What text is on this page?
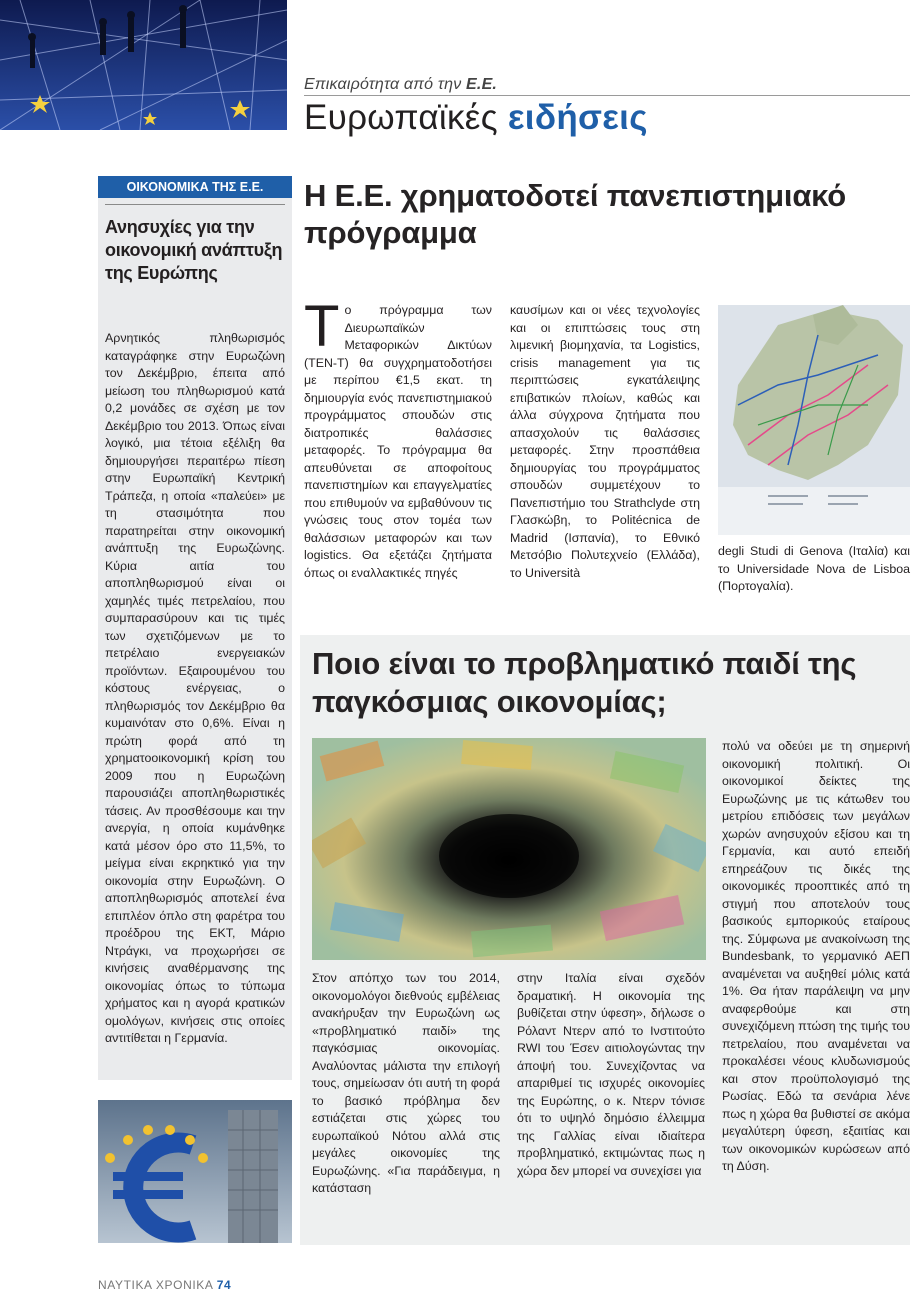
Επικαιρότητα από την Ε.Ε.
Ευρωπαϊκές ειδήσεις
ΟΙΚΟΝΟΜΙΚΑ ΤΗΣ Ε.Ε.
Ανησυχίες για την οικονομική ανάπτυξη της Ευρώπης
Αρνητικός πληθωρισμός καταγράφηκε στην Ευρωζώνη τον Δεκέμβριο, έπειτα από μείωση του πληθωρισμού κατά 0,2 μονάδες σε σχέση με τον Δεκέμβριο του 2013. Όπως είναι λογικό, μια τέτοια εξέλιξη θα δημιουργήσει περαιτέρω πίεση στην Ευρωπαϊκή Κεντρική Τράπεζα, η οποία «παλεύει» με τη στασιμότητα που παρατηρείται στην οικονομική ανάπτυξη της Ευρωζώνης. Κύρια αιτία του αποπληθωρισμού είναι οι χαμηλές τιμές πετρελαίου, που συμπαρασύρουν και τις τιμές των σχετιζόμενων με το πετρέλαιο ενεργειακών προϊόντων. Εξαιρουμένου του κόστους ενέργειας, ο πληθωρισμός τον Δεκέμβριο θα κυμαινόταν στο 0,6%. Είναι η πρώτη φορά από τη χρηματοοικονομική κρίση του 2009 που η Ευρωζώνη παρουσιάζει αποπληθωριστικές τάσεις. Αν προσθέσουμε και την ανεργία, η οποία κυμάνθηκε κατά μέσον όρο στο 11,5%, το μείγμα είναι εκρηκτικό για την οικονομία στην Ευρωζώνη. Ο αποπληθωρισμός αποτελεί ένα επιπλέον όπλο στη φαρέτρα του προέδρου της ΕΚΤ, Μάριο Ντράγκι, να προχωρήσει σε κινήσεις αναθέρμανσης της οικονομίας όπως το τύπωμα χρήματος και η αγορά κρατικών ομολόγων, κινήσεις στις οποίες αντιτίθεται η Γερμανία.
Η Ε.Ε. χρηματοδοτεί πανεπιστημιακό πρόγραμμα
Το πρόγραμμα των Διευρωπαϊκών Μεταφορικών Δικτύων (TEN-T) θα συγχρηματοδοτήσει με περίπου €1,5 εκατ. τη δημιουργία ενός πανεπιστημιακού προγράμματος σπουδών στις διατροπικές θαλάσσιες μεταφορές. Το πρόγραμμα θα απευθύνεται σε αποφοίτους πανεπιστημίων και επαγγελματίες που επιθυμούν να εμβαθύνουν τις γνώσεις τους στον τομέα των θαλάσσιων μεταφορών και των logistics. Θα εξετάζει ζητήματα όπως οι εναλλακτικές πηγές
καυσίμων και οι νέες τεχνολογίες και οι επιπτώσεις τους στη λιμενική βιομηχανία, τα Logistics, crisis management για τις περιπτώσεις εγκατάλειψης επιβατικών πλοίων, καθώς και άλλα σύγχρονα ζητήματα που απασχολούν τις θαλάσσιες μεταφορές. Στην προσπάθεια δημιουργίας του προγράμματος σπουδών συμμετέχουν το Πανεπιστήμιο του Strathclyde στη Γλασκώβη, το Politécnica de Madrid (Ισπανία), το Εθνικό Μετσόβιο Πολυτεχνείο (Ελλάδα), το Università
degli Studi di Genova (Ιταλία) και το Universidade Nova de Lisboa (Πορτογαλία).
Ποιο είναι το προβληματικό παιδί της παγκόσμιας οικονομίας;
Στον απόπχο των του 2014, οικονομολόγοι διεθνούς εμβέλειας ανακήρυξαν την Ευρωζώνη ως «προβληματικό παιδί» της παγκόσμιας οικονομίας. Αναλύοντας μάλιστα την επιλογή τους, σημείωσαν ότι αυτή τη φορά το βασικό πρόβλημα δεν εστιάζεται στις χώρες του ευρωπαϊκού Νότου αλλά στις μεγάλες οικονομίες της Ευρωζώνης. «Για παράδειγμα, η κατάσταση
στην Ιταλία είναι σχεδόν δραματική. Η οικονομία της βυθίζεται στην ύφεση», δήλωσε ο Ρόλαντ Ντερν από το Ινστιτούτο RWI του Έσεν αιτιολογώντας την άποψή του. Συνεχίζοντας να απαριθμεί τις ισχυρές οικονομίες της Ευρώπης, ο κ. Ντερν τόνισε ότι το υψηλό δημόσιο έλλειμμα της Γαλλίας είναι ιδιαίτερα προβληματικό, εκτιμώντας πως η χώρα δεν μπορεί να συνεχίσει για
πολύ να οδεύει με τη σημερινή οικονομική πολιτική. Οι οικονομικοί δείκτες της Ευρωζώνης με τις κάτωθεν του μετρίου επιδόσεις των μεγάλων χωρών ανησυχούν εξίσου και τη Γερμανία, και αυτό επειδή επηρεάζουν τις δικές της οικονομικές προοπτικές από τη στιγμή που αποτελούν τους βασικούς εμπορικούς εταίρους της. Σύμφωνα με ανακοίνωση της Bundesbank, το γερμανικό ΑΕΠ αναμένεται να αυξηθεί μόλις κατά 1%. Θα ήταν παράλειψη να μην αναφερθούμε και στη συνεχιζόμενη πτώση της τιμής του πετρελαίου, που αναμένεται να προκαλέσει νέους κλυδωνισμούς και στον προϋπολογισμό της Ρωσίας. Εδώ τα σενάρια λένε πως η χώρα θα βυθιστεί σε ακόμα μεγαλύτερη ύφεση, εξαιτίας και των οικονομικών κυρώσεων από τη Δύση.
ΝΑΥΤΙΚΑ ΧΡΟΝΙΚΑ 74
